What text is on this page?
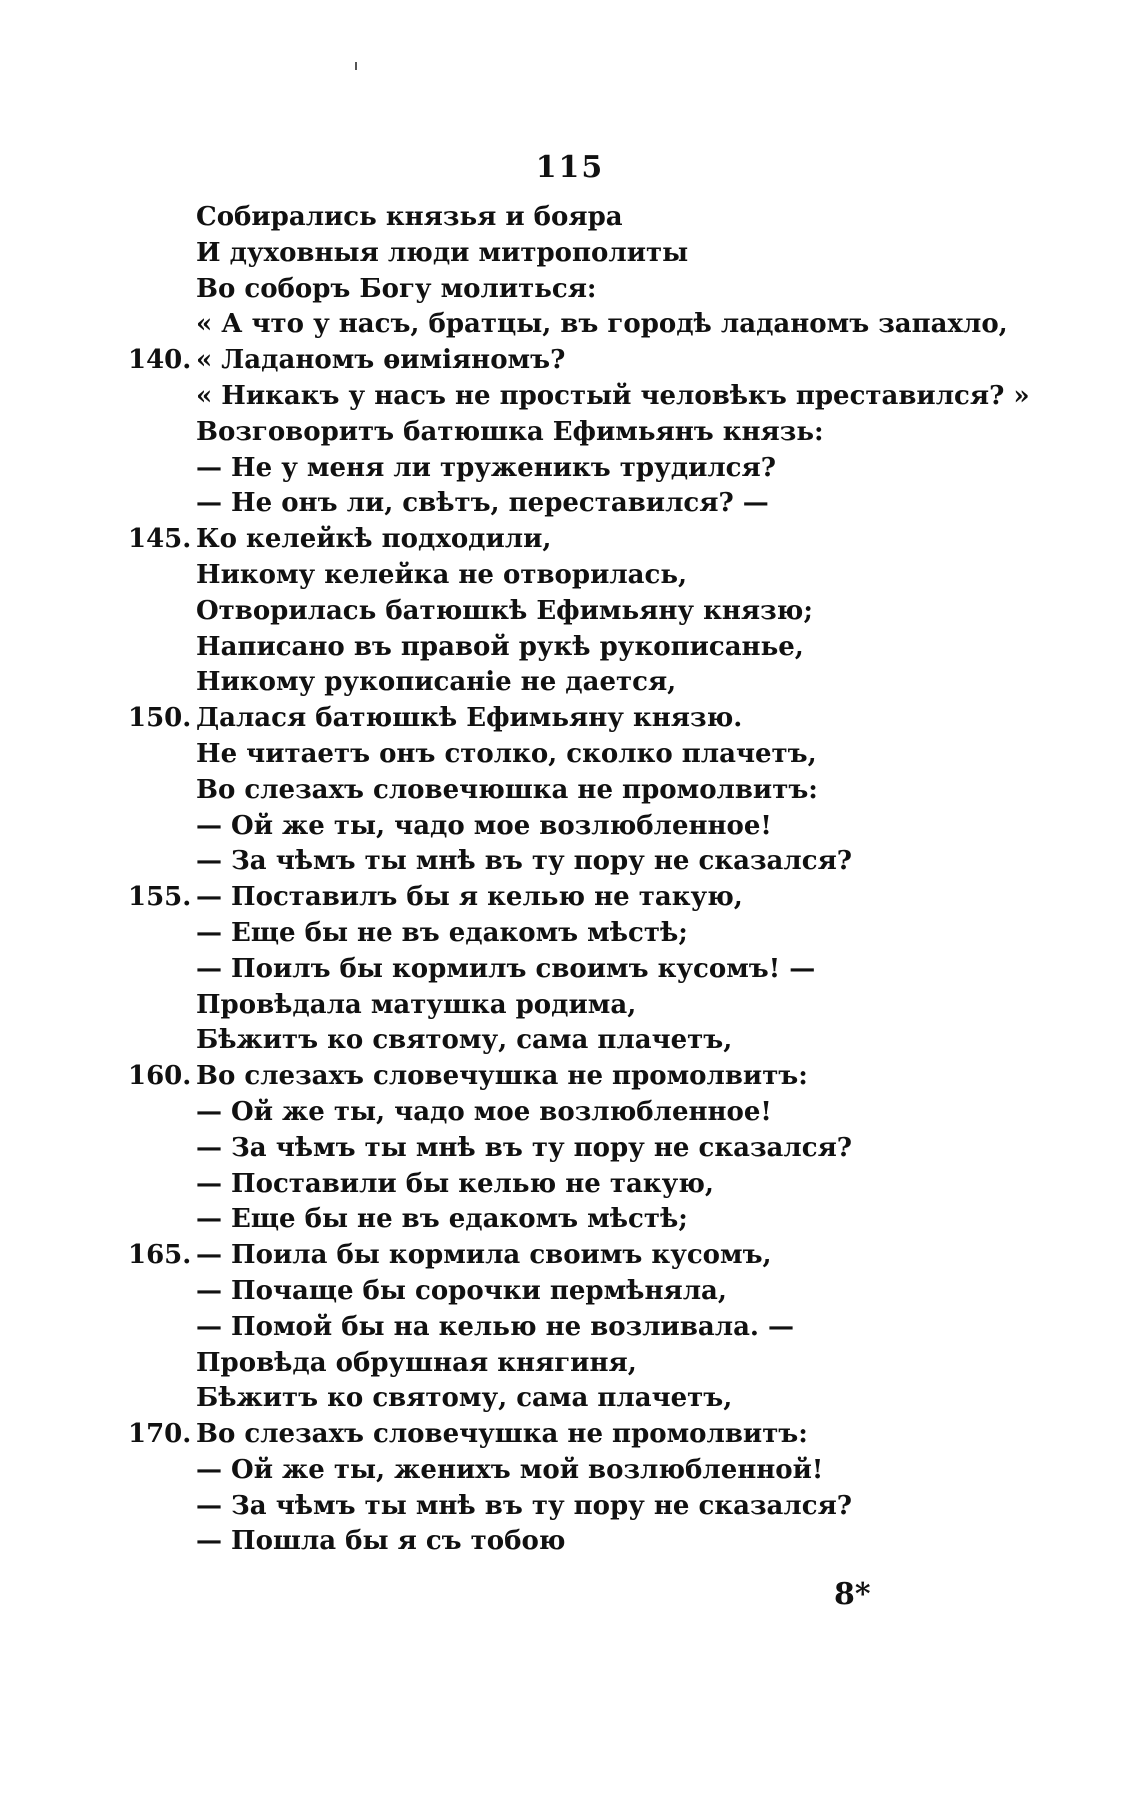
115
Собирались князья и бояра
И духовныя люди митрополиты
Во соборъ Богу молиться:
« А что у насъ, братцы, въ городѣ ладаномъ запахло,
140. « Ладаномъ ѳиміяномъ?
« Никакъ у насъ не простый человѣкъ преставился? »
Возговоритъ батюшка Ефимьянъ князь:
— Не у меня ли труженикъ трудился?
— Не онъ ли, свѣтъ, переставился? —
145. Ко келейкѣ подходили,
Никому келейка не отворилась,
Отворилась батюшкѣ Ефимьяну князю;
Написано въ правой рукѣ рукописанье,
Никому рукописаніе не дается,
150. Далася батюшкѣ Ефимьяну князю.
Не читаетъ онъ столко, сколко плачетъ,
Во слезахъ словечюшка не промолвитъ:
— Ой же ты, чадо мое возлюбленное!
— За чѣмъ ты мнѣ въ ту пору не сказался?
155. — Поставилъ бы я келью не такую,
— Еще бы не въ едакомъ мѣстѣ;
— Поилъ бы кормилъ своимъ кусомъ! —
Провѣдала матушка родима,
Бѣжитъ ко святому, сама плачетъ,
160. Во слезахъ словечушка не промолвитъ:
— Ой же ты, чадо мое возлюбленное!
— За чѣмъ ты мнѣ въ ту пору не сказался?
— Поставили бы келью не такую,
— Еще бы не въ едакомъ мѣстѣ;
165. — Поила бы кормила своимъ кусомъ,
— Почаще бы сорочки пермѣняла,
— Помой бы на келью не возливала. —
Провѣда обрушная княгиня,
Бѣжитъ ко святому, сама плачетъ,
170. Во слезахъ словечушка не промолвитъ:
— Ой же ты, женихъ мой возлюбленной!
— За чѣмъ ты мнѣ въ ту пору не сказался?
— Пошла бы я съ тобою
8*
